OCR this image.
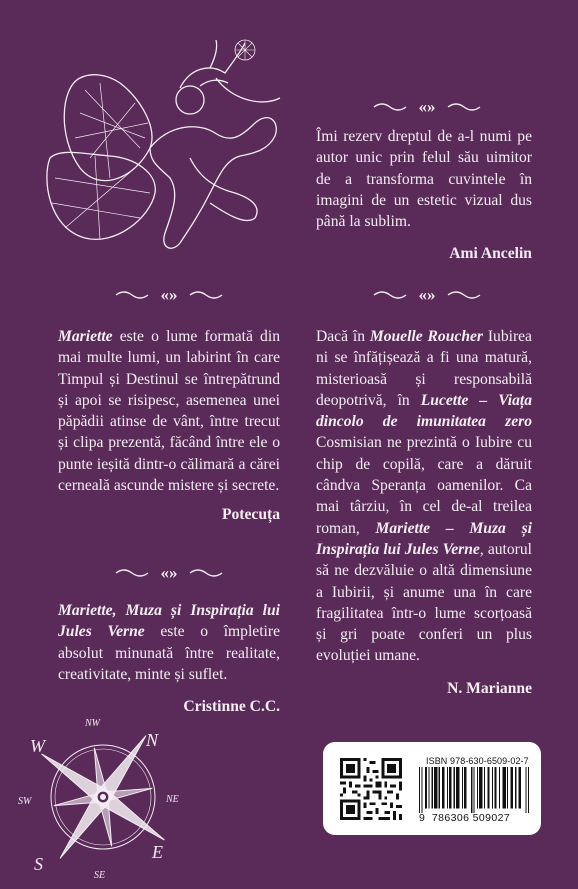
«»

Îmi rezerv dreptul de a-l numi pe autor unic prin felul său uimitor de a transforma cuvintele în imagini de un estetic vizual dus până la sublim.

Ami Ancelin
«»	«»

Mariette este o lume formată din mai multe lumi, un labirint în care Timpul și Destinul se întrepătrund și apoi se risipesc, asemenea unei păpădii atinse de vânt, între trecut și clipa prezentă, făcând între ele o punte ieșită dintr-o călimară a cărei cerneală ascunde mistere și secrete.

Potecuța
«»

Mariette, Muza și Inspirația lui Jules Verne este o împletire absolut minunată între realitate, creativitate, minte și suflet.

Cristinne C.C.

Dacă în Mouelle Roucher Iubirea ni se înfățișează a fi una matură, misterioasă și responsabilă deopotrivă, în Lucette – Viața dincolo de imunitatea zero Cosmisian ne prezintă o Iubire cu chip de copilă, care a dăruit cândva Speranța oamenilor. Ca mai târziu, în cel de-al treilea roman, Mariette – Muza și Inspirația lui Jules Verne, autorul să ne dezvăluie o altă dimensiune a Iubirii, și anume una în care fragilitatea într-o lume scorțoasă și gri poate conferi un plus evoluției umane.

N. Marianne
N
NW
W
NE
SW
E
S
SE
ISBN 978-630-6509-02-7
9 786306 509027
